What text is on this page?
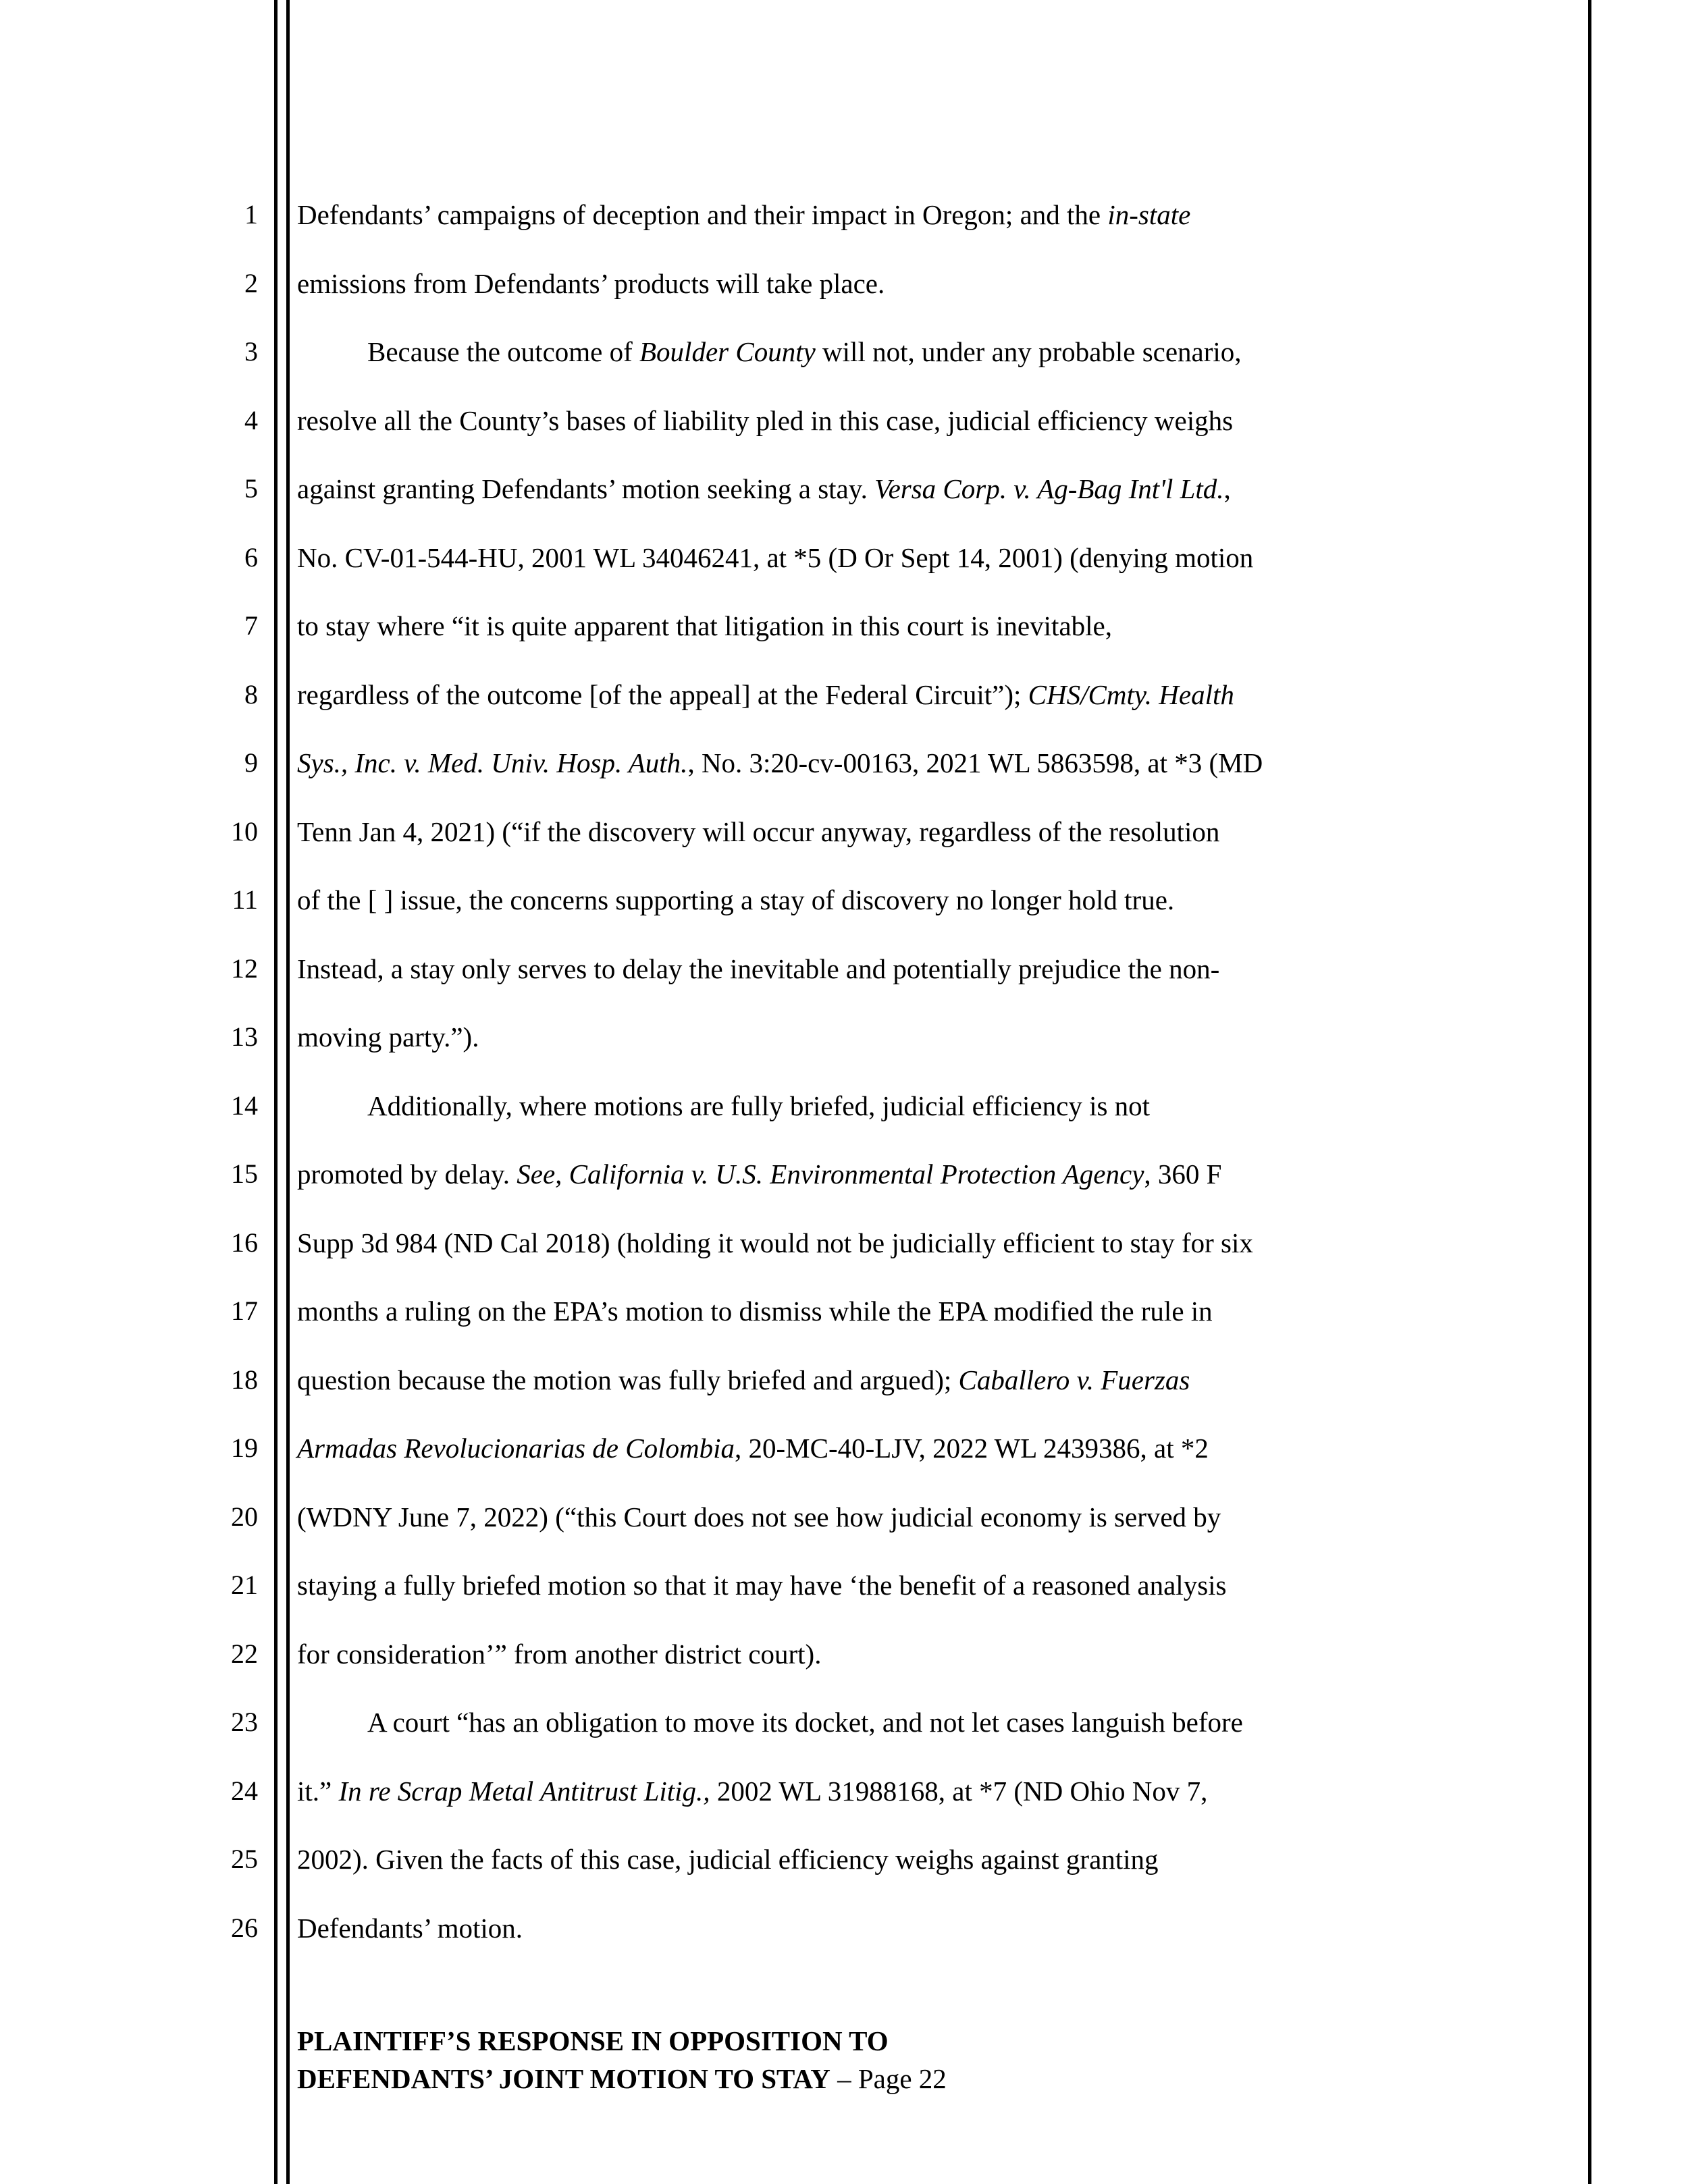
1
2
3
4
5
6
7
8
9
10
11
12
13
14
15
16
17
18
19
20
21
22
23
24
25
26
Defendants’ campaigns of deception and their impact in Oregon; and the in-state
emissions from Defendants’ products will take place.
Because the outcome of Boulder County will not, under any probable scenario,
resolve all the County’s bases of liability pled in this case, judicial efficiency weighs
against granting Defendants’ motion seeking a stay. Versa Corp. v. Ag-Bag Int'l Ltd.,
No. CV-01-544-HU, 2001 WL 34046241, at *5 (D Or Sept 14, 2001) (denying motion
to stay where “it is quite apparent that litigation in this court is inevitable,
regardless of the outcome [of the appeal] at the Federal Circuit”); CHS/Cmty. Health
Sys., Inc. v. Med. Univ. Hosp. Auth., No. 3:20-cv-00163, 2021 WL 5863598, at *3 (MD
Tenn Jan 4, 2021) (“if the discovery will occur anyway, regardless of the resolution
of the [ ] issue, the concerns supporting a stay of discovery no longer hold true.
Instead, a stay only serves to delay the inevitable and potentially prejudice the non-
moving party.”).
Additionally, where motions are fully briefed, judicial efficiency is not
promoted by delay. See, California v. U.S. Environmental Protection Agency, 360 F
Supp 3d 984 (ND Cal 2018) (holding it would not be judicially efficient to stay for six
months a ruling on the EPA’s motion to dismiss while the EPA modified the rule in
question because the motion was fully briefed and argued); Caballero v. Fuerzas
Armadas Revolucionarias de Colombia, 20-MC-40-LJV, 2022 WL 2439386, at *2
(WDNY June 7, 2022) (“this Court does not see how judicial economy is served by
staying a fully briefed motion so that it may have ‘the benefit of a reasoned analysis
for consideration’” from another district court).
A court “has an obligation to move its docket, and not let cases languish before
it.” In re Scrap Metal Antitrust Litig., 2002 WL 31988168, at *7 (ND Ohio Nov 7,
2002). Given the facts of this case, judicial efficiency weighs against granting
Defendants’ motion.
PLAINTIFF’S RESPONSE IN OPPOSITION TO
DEFENDANTS’ JOINT MOTION TO STAY – Page 22
